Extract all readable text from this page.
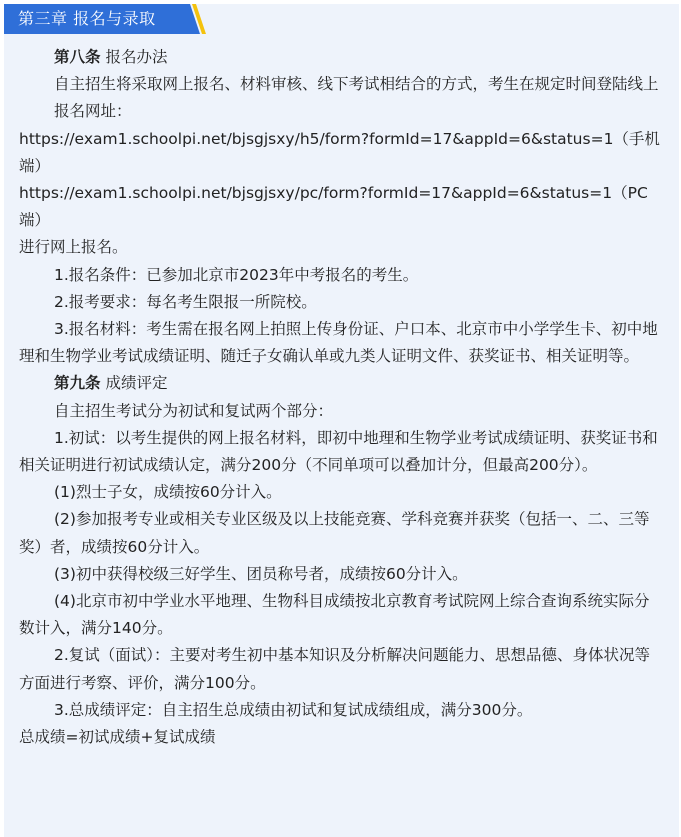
第三章 报名与录取

第八条 报名办法

自主招生将采取网上报名、材料审核、线下考试相结合的方式，考生在规定时间登陆线上

报名网址：

https://exam1.schoolpi.net/bjsgjsxy/h5/form?formId=17&appId=6&status=1（手机端）

https://exam1.schoolpi.net/bjsgjsxy/pc/form?formId=17&appId=6&status=1（PC端）

进行网上报名。

1.报名条件：已参加北京市2023年中考报名的考生。

2.报考要求：每名考生限报一所院校。

3.报名材料：考生需在报名网上拍照上传身份证、户口本、北京市中小学学生卡、初中地理和生物学业考试成绩证明、随迁子女确认单或九类人证明文件、获奖证书、相关证明等。

第九条 成绩评定

自主招生考试分为初试和复试两个部分：

1.初试：以考生提供的网上报名材料，即初中地理和生物学业考试成绩证明、获奖证书和相关证明进行初试成绩认定，满分200分（不同单项可以叠加计分，但最高200分）。

(1)烈士子女，成绩按60分计入。

(2)参加报考专业或相关专业区级及以上技能竞赛、学科竞赛并获奖（包括一、二、三等奖）者，成绩按60分计入。

(3)初中获得校级三好学生、团员称号者，成绩按60分计入。

(4)北京市初中学业水平地理、生物科目成绩按北京教育考试院网上综合查询系统实际分数计入，满分140分。

2.复试（面试）：主要对考生初中基本知识及分析解决问题能力、思想品德、身体状况等方面进行考察、评价，满分100分。

3.总成绩评定：自主招生总成绩由初试和复试成绩组成，满分300分。

总成绩=初试成绩+复试成绩
